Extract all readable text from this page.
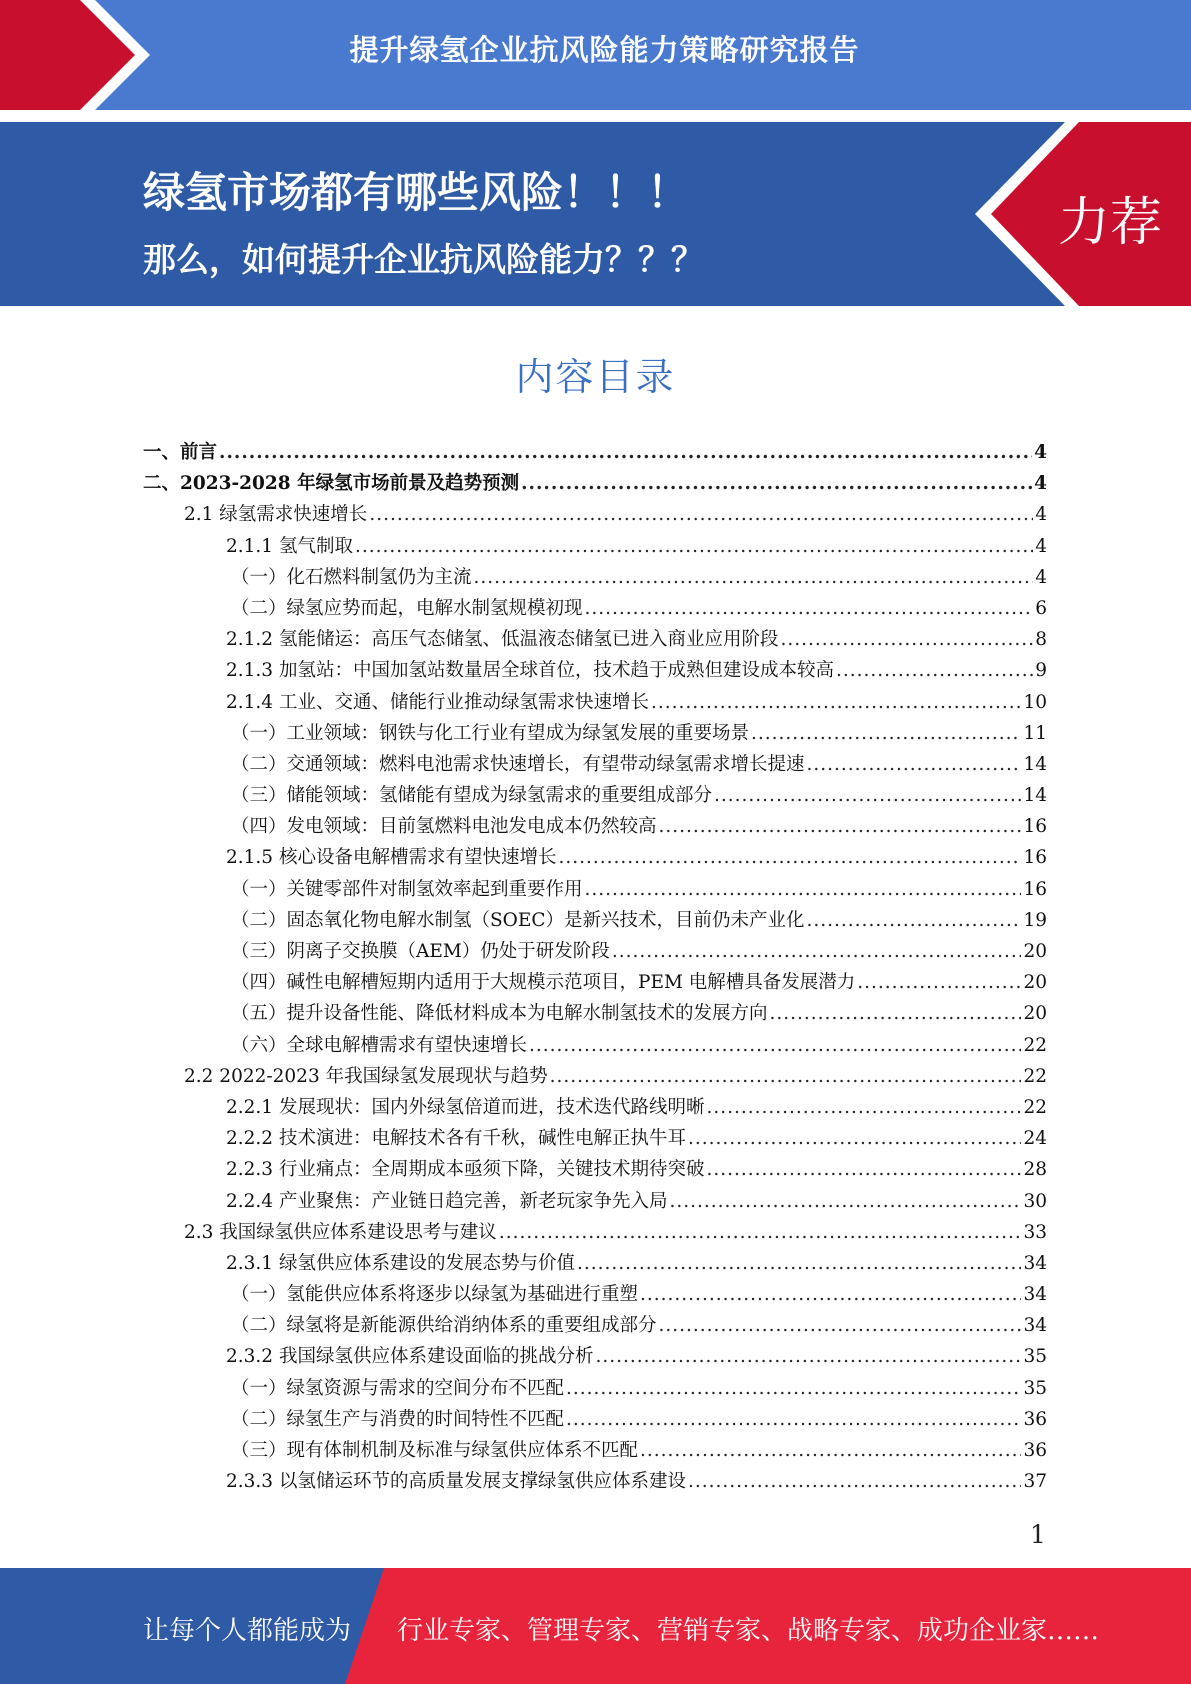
提升绿氢企业抗风险能力策略研究报告
绿氢市场都有哪些风险！！！
那么，如何提升企业抗风险能力？？？
力荐
内容目录
一、前言 .....	4
二、2023-2028 年绿氢市场前景及趋势预测 .....	4
2.1 绿氢需求快速增长 .....	4
2.1.1 氢气制取 .....	4
（一）化石燃料制氢仍为主流 .....	4
（二）绿氢应势而起，电解水制氢规模初现 .....	6
2.1.2 氢能储运：高压气态储氢、低温液态储氢已进入商业应用阶段 .....	8
2.1.3 加氢站：中国加氢站数量居全球首位，技术趋于成熟但建设成本较高 .....	9
2.1.4 工业、交通、储能行业推动绿氢需求快速增长 .....	10
（一）工业领域：钢铁与化工行业有望成为绿氢发展的重要场景 .....	11
（二）交通领域：燃料电池需求快速增长，有望带动绿氢需求增长提速 .....	14
（三）储能领域：氢储能有望成为绿氢需求的重要组成部分 .....	14
（四）发电领域：目前氢燃料电池发电成本仍然较高 .....	16
2.1.5 核心设备电解槽需求有望快速增长 .....	16
（一）关键零部件对制氢效率起到重要作用 .....	16
（二）固态氧化物电解水制氢（SOEC）是新兴技术，目前仍未产业化 .....	19
（三）阴离子交换膜（AEM）仍处于研发阶段 .....	20
（四）碱性电解槽短期内适用于大规模示范项目，PEM 电解槽具备发展潜力 .....	20
（五）提升设备性能、降低材料成本为电解水制氢技术的发展方向 .....	20
（六）全球电解槽需求有望快速增长 .....	22
2.2 2022-2023 年我国绿氢发展现状与趋势 .....	22
2.2.1 发展现状：国内外绿氢倍道而进，技术迭代路线明晰 .....	22
2.2.2 技术演进：电解技术各有千秋，碱性电解正执牛耳 .....	24
2.2.3 行业痛点：全周期成本亟须下降，关键技术期待突破 .....	28
2.2.4 产业聚焦：产业链日趋完善，新老玩家争先入局 .....	30
2.3 我国绿氢供应体系建设思考与建议 .....	33
2.3.1 绿氢供应体系建设的发展态势与价值 .....	34
（一）氢能供应体系将逐步以绿氢为基础进行重塑 .....	34
（二）绿氢将是新能源供给消纳体系的重要组成部分 .....	34
2.3.2 我国绿氢供应体系建设面临的挑战分析 .....	35
（一）绿氢资源与需求的空间分布不匹配 .....	35
（二）绿氢生产与消费的时间特性不匹配 .....	36
（三）现有体制机制及标准与绿氢供应体系不匹配 .....	36
2.3.3 以氢储运环节的高质量发展支撑绿氢供应体系建设 .....	37
1
让每个人都能成为 行业专家、管理专家、营销专家、战略专家、成功企业家……
